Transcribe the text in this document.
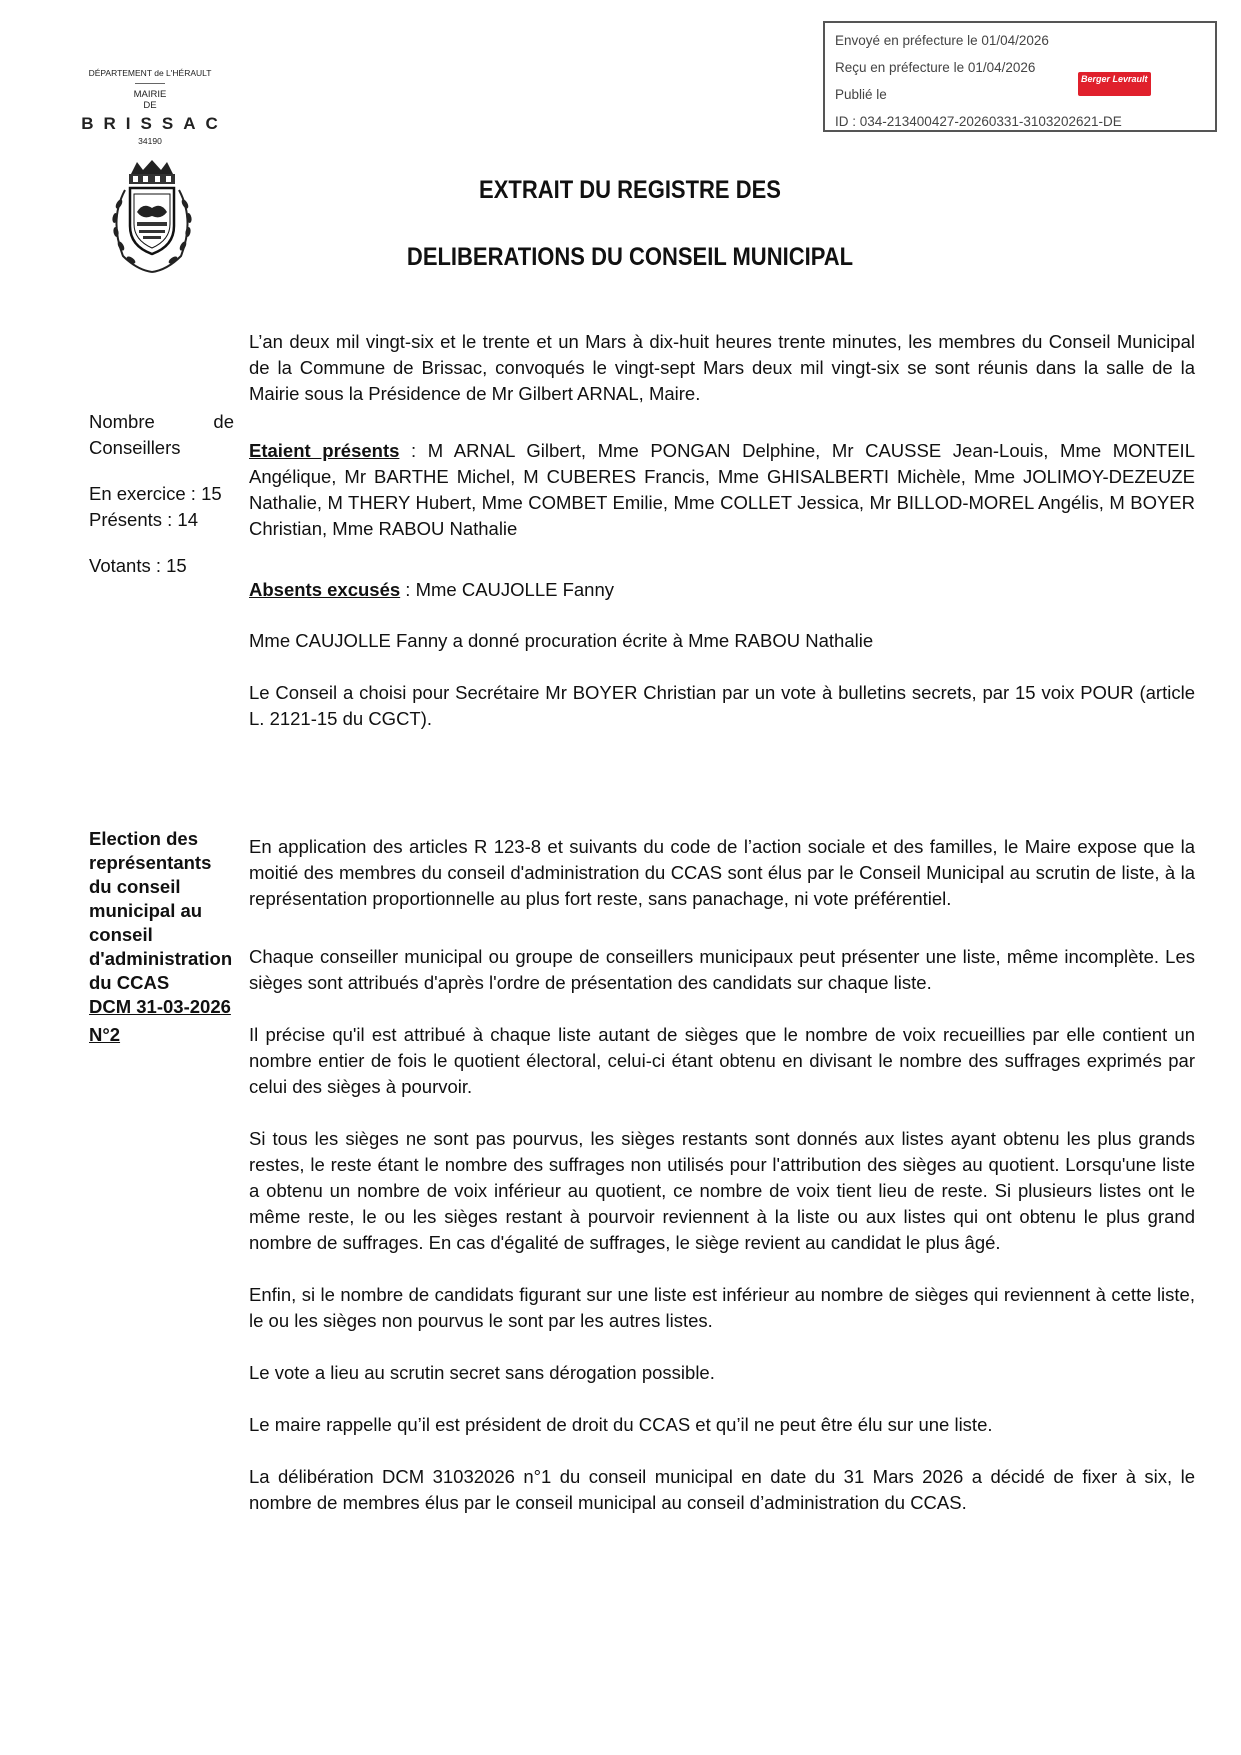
Envoyé en préfecture le 01/04/2026
Reçu en préfecture le 01/04/2026
Publié le
ID : 034-213400427-20260331-3103202621-DE
Berger Levrault
DÉPARTEMENT de L'HÉRAULT
MAIRIE
DE
BRISSAC
34190
EXTRAIT DU REGISTRE DES
DELIBERATIONS DU CONSEIL MUNICIPAL
Nombre	de
Conseillers
En exercice : 15
Présents : 14
Votants : 15
L’an deux mil vingt-six et le trente et un Mars à dix-huit heures trente minutes, les membres du Conseil Municipal de la Commune de Brissac, convoqués le vingt-sept Mars deux mil vingt-six se sont réunis dans la salle de la Mairie sous la Présidence de Mr Gilbert ARNAL, Maire.
Etaient présents : M ARNAL Gilbert, Mme PONGAN Delphine, Mr CAUSSE Jean-Louis, Mme MONTEIL Angélique, Mr BARTHE Michel, M CUBERES Francis, Mme GHISALBERTI Michèle, Mme JOLIMOY-DEZEUZE Nathalie, M THERY Hubert, Mme COMBET Emilie, Mme COLLET Jessica, Mr BILLOD-MOREL Angélis, M BOYER Christian, Mme RABOU Nathalie
Absents excusés : Mme CAUJOLLE Fanny
Mme CAUJOLLE Fanny a donné procuration écrite à Mme RABOU Nathalie
Le Conseil a choisi pour Secrétaire Mr BOYER Christian par un vote à bulletins secrets, par 15 voix POUR (article L. 2121-15 du CGCT).
Election des
représentants
du conseil
municipal au
conseil
d'administration
du CCAS
DCM 31-03-2026
N°2
En application des articles R 123-8 et suivants du code de l’action sociale et des familles, le Maire expose que la moitié des membres du conseil d'administration du CCAS sont élus par le Conseil Municipal au scrutin de liste, à la représentation proportionnelle au plus fort reste, sans panachage, ni vote préférentiel.
Chaque conseiller municipal ou groupe de conseillers municipaux peut présenter une liste, même incomplète. Les sièges sont attribués d'après l'ordre de présentation des candidats sur chaque liste.
Il précise qu'il est attribué à chaque liste autant de sièges que le nombre de voix recueillies par elle contient un nombre entier de fois le quotient électoral, celui-ci étant obtenu en divisant le nombre des suffrages exprimés par celui des sièges à pourvoir.
Si tous les sièges ne sont pas pourvus, les sièges restants sont donnés aux listes ayant obtenu les plus grands restes, le reste étant le nombre des suffrages non utilisés pour l'attribution des sièges au quotient. Lorsqu'une liste a obtenu un nombre de voix inférieur au quotient, ce nombre de voix tient lieu de reste. Si plusieurs listes ont le même reste, le ou les sièges restant à pourvoir reviennent à la liste ou aux listes qui ont obtenu le plus grand nombre de suffrages. En cas d'égalité de suffrages, le siège revient au candidat le plus âgé.
Enfin, si le nombre de candidats figurant sur une liste est inférieur au nombre de sièges qui reviennent à cette liste, le ou les sièges non pourvus le sont par les autres listes.
Le vote a lieu au scrutin secret sans dérogation possible.
Le maire rappelle qu’il est président de droit du CCAS et qu’il ne peut être élu sur une liste.
La délibération DCM 31032026 n°1 du conseil municipal en date du 31 Mars 2026 a décidé de fixer à six, le nombre de membres élus par le conseil municipal au conseil d’administration du CCAS.
